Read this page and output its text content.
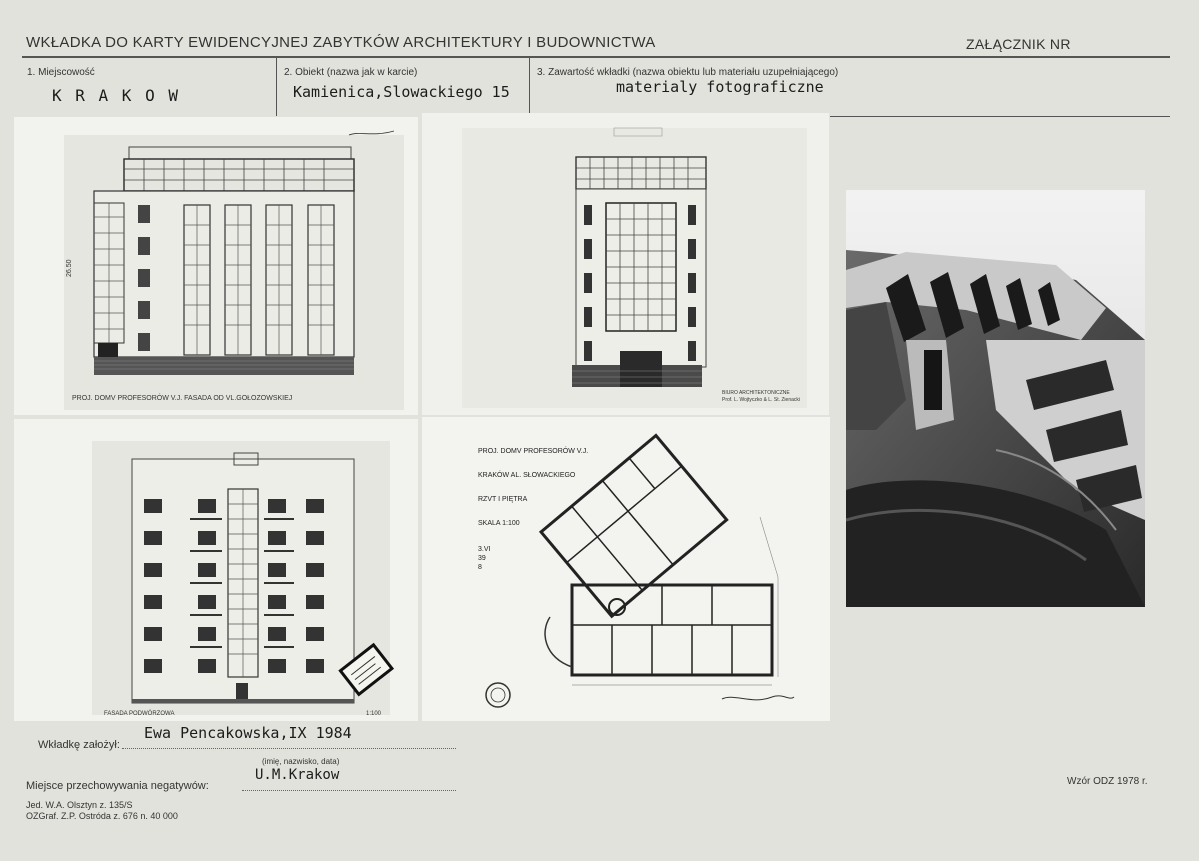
WKŁADKA DO KARTY EWIDENCYJNEJ ZABYTKÓW ARCHITEKTURY I BUDOWNICTWA	ZAŁĄCZNIK NR
1. Miejscowość	2. Obiekt (nazwa jak w karcie)	3. Zawartość wkładki (nazwa obiektu lub materiału uzupełniającego)
K R A K O W	Kamienica,Slowackiego 15	materialy fotograficzne
26.50
PROJ. DOMV PROFESORÓW V.J. FASADA OD VL.GOŁOZOWSKIEJ
BIURO ARCHITEKTONICZNE
Prof. L. Wojtyczko & L. St. Zienacki
FASADA PODWÓRZOWA	1:100
PROJ. DOMV PROFESORÓW V.J.
KRAKÓW AL. SŁOWACKIEGO
RZVT I PIĘTRA
SKALA 1:100
3.VI
39
8
Wkładkę założył:
Ewa Pencakowska,IX 1984
(imię, nazwisko, data)
Miejsce przechowywania negatywów:
U.M.Krakow
Jed. W.A. Olsztyn z. 135/S
OZGraf. Z.P. Ostróda z. 676 n. 40 000
Wzór ODZ 1978 r.
